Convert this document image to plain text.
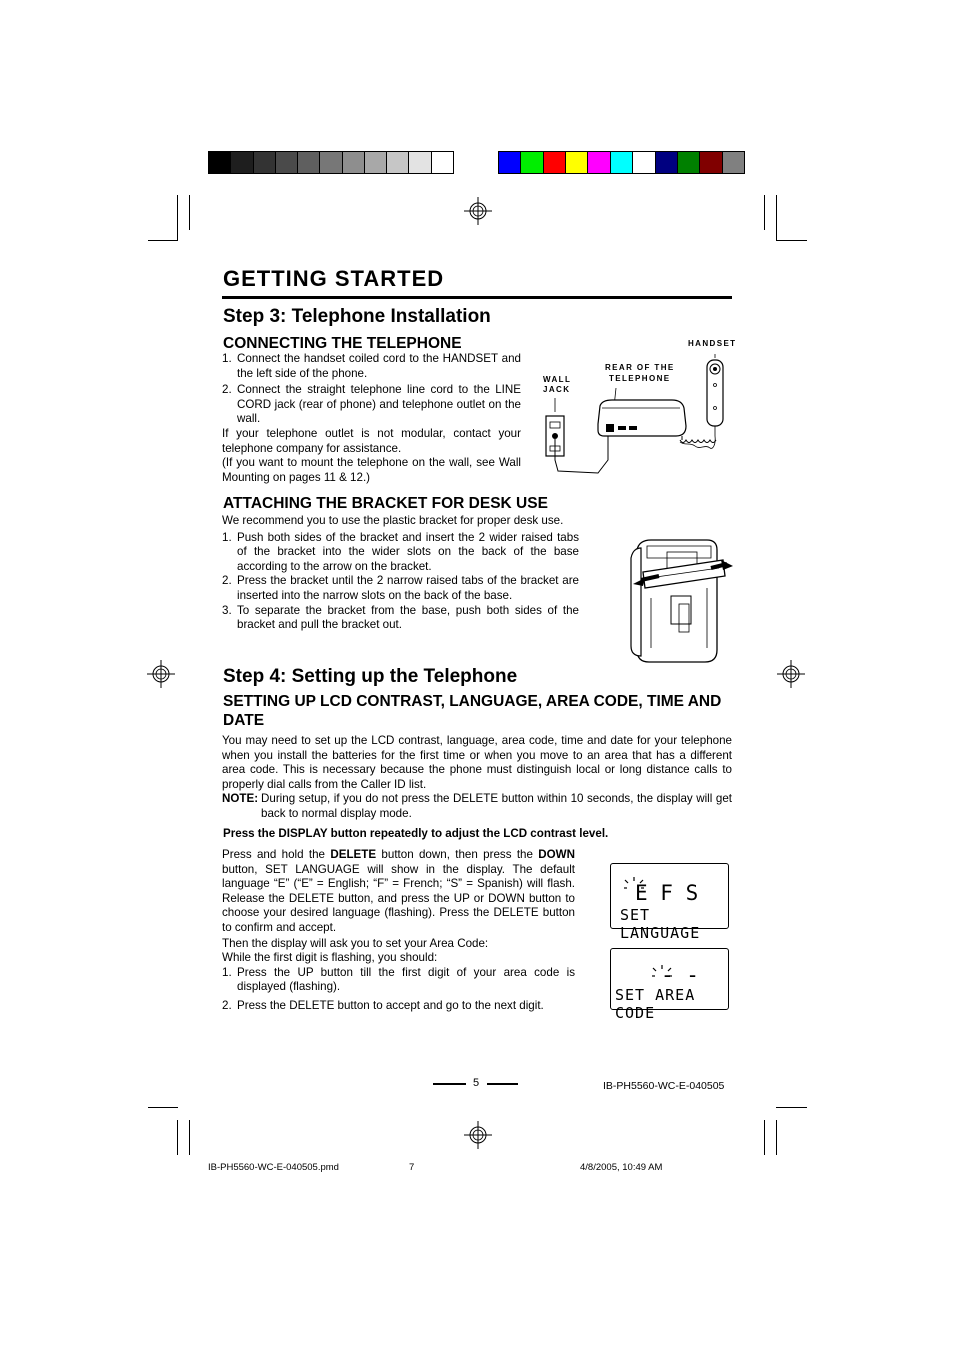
GETTING STARTED
Step 3: Telephone Installation
CONNECTING THE TELEPHONE
1. Connect the handset coiled cord to the HANDSET and the left side of the phone.
2. Connect the straight telephone line cord to the LINE CORD jack (rear of phone) and telephone outlet on the wall.

If your telephone outlet is not modular, contact your telephone company for assistance.

(If you want to mount the telephone on the wall, see Wall Mounting on pages 11 & 12.)

HANDSET
REAR OF THE
TELEPHONE
WALL
JACK
ATTACHING THE BRACKET FOR DESK USE

We recommend you to use the plastic bracket for proper desk use.

1. Push both sides of the bracket and insert the 2 wider raised tabs of the bracket into the wider slots on the back of the base according to the arrow on the bracket.
2. Press the bracket until the 2 narrow raised tabs of the bracket are inserted into the narrow slots on the back of the base.
3. To separate the bracket from the base, push both sides of the bracket and pull the bracket out.
Step 4: Setting up the Telephone
SETTING UP LCD CONTRAST, LANGUAGE, AREA CODE, TIME AND DATE

You may need to set up the LCD contrast, language, area code, time and date for your telephone when you install the batteries for the first time or when you move to an area that has a different area code. This is necessary because the phone must distinguish local or long distance calls to properly dial calls from the Caller ID list.

NOTE: During setup, if you do not press the DELETE button within 10 seconds, the display will get back to normal display mode.
Press the DISPLAY button repeatedly to adjust the LCD contrast level.

Press and hold the DELETE button down, then press the DOWN button, SET LANGUAGE will show in the display. The default language “E” (“E” = English; “F” = French; “S” = Spanish) will flash. Release the DELETE button, and press the UP or DOWN button to choose your desired language (flashing). Press the DELETE button to confirm and accept.

Then the display will ask you to set your Area Code:

While the first digit is flashing, you should:

1. Press the UP button till the first digit of your area code is displayed (flashing).
2. Press the DELETE button to accept and go to the next digit.
E F S
SET LANGUAGE
- -
SET AREA CODE
5	IB-PH5560-WC-E-040505
IB-PH5560-WC-E-040505.pmd	7	4/8/2005, 10:49 AM
